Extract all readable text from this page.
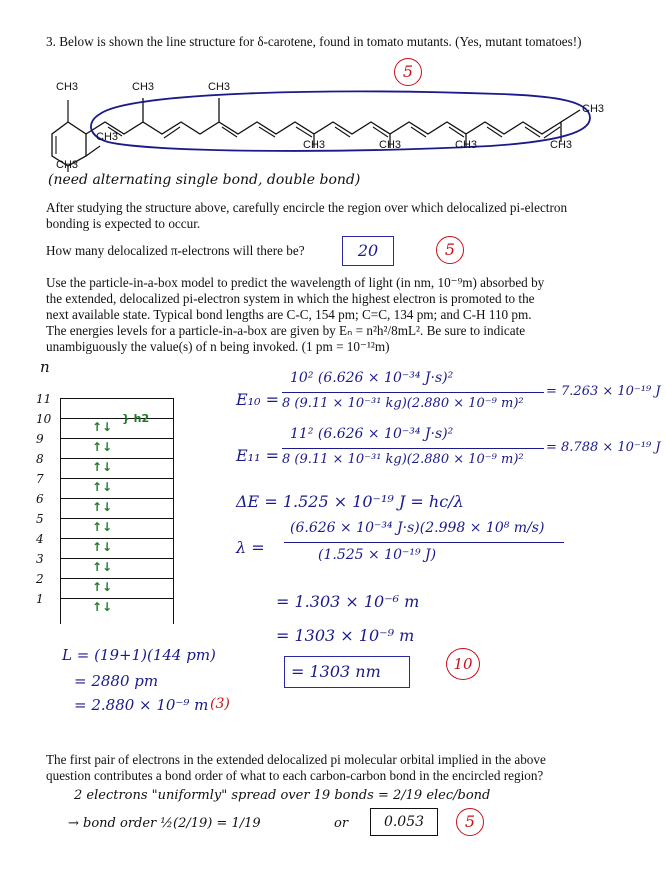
3. Below is shown the line structure for δ-carotene, found in tomato mutants. (Yes, mutant tomatoes!)
CH3	CH3	CH3
CH3
CH3
CH3	CH3	CH3	CH3
CH3
5
(need alternating single bond, double bond)
After studying the structure above, carefully encircle the region over which delocalized pi-electron bonding is expected to occur.
How many delocalized π-electrons will there be?	20	5
Use the particle-in-a-box model to predict the wavelength of light (in nm, 10⁻⁹m) absorbed by
the extended, delocalized pi-electron system in which the highest electron is promoted to the
next available state. Typical bond lengths are C-C, 154 pm; C=C, 134 pm; and C-H 110 pm.
The energies levels for a particle-in-a-box are given by Eₙ = n²h²/8mL². Be sure to indicate
unambiguously the value(s) of n being invoked. (1 pm = 10⁻¹²m)
n
11
10
↑↓
9
↑↓
8
↑↓
7
↑↓
6
↑↓
5
↑↓
4
↑↓
3
↑↓
2
↑↓
1
↑↓
} h2
E₁₀ =
10² (6.626 × 10⁻³⁴ J·s)²
8 (9.11 × 10⁻³¹ kg)(2.880 × 10⁻⁹ m)²
= 7.263 × 10⁻¹⁹ J
E₁₁ =
11² (6.626 × 10⁻³⁴ J·s)²
8 (9.11 × 10⁻³¹ kg)(2.880 × 10⁻⁹ m)²
= 8.788 × 10⁻¹⁹ J
ΔE = 1.525 × 10⁻¹⁹ J = hc/λ
λ =
(6.626 × 10⁻³⁴ J·s)(2.998 × 10⁸ m/s)
(1.525 × 10⁻¹⁹ J)
= 1.303 × 10⁻⁶ m
= 1303 × 10⁻⁹ m
= 1303 nm	10
L = (19+1)(144 pm)
= 2880 pm
= 2.880 × 10⁻⁹ m (3)
The first pair of electrons in the extended delocalized pi molecular orbital implied in the above
question contributes a bond order of what to each carbon-carbon bond in the encircled region?
2 electrons "uniformly" spread over 19 bonds = 2/19 elec/bond
→ bond order ½(2/19) = 1/19	or	0.053	5
